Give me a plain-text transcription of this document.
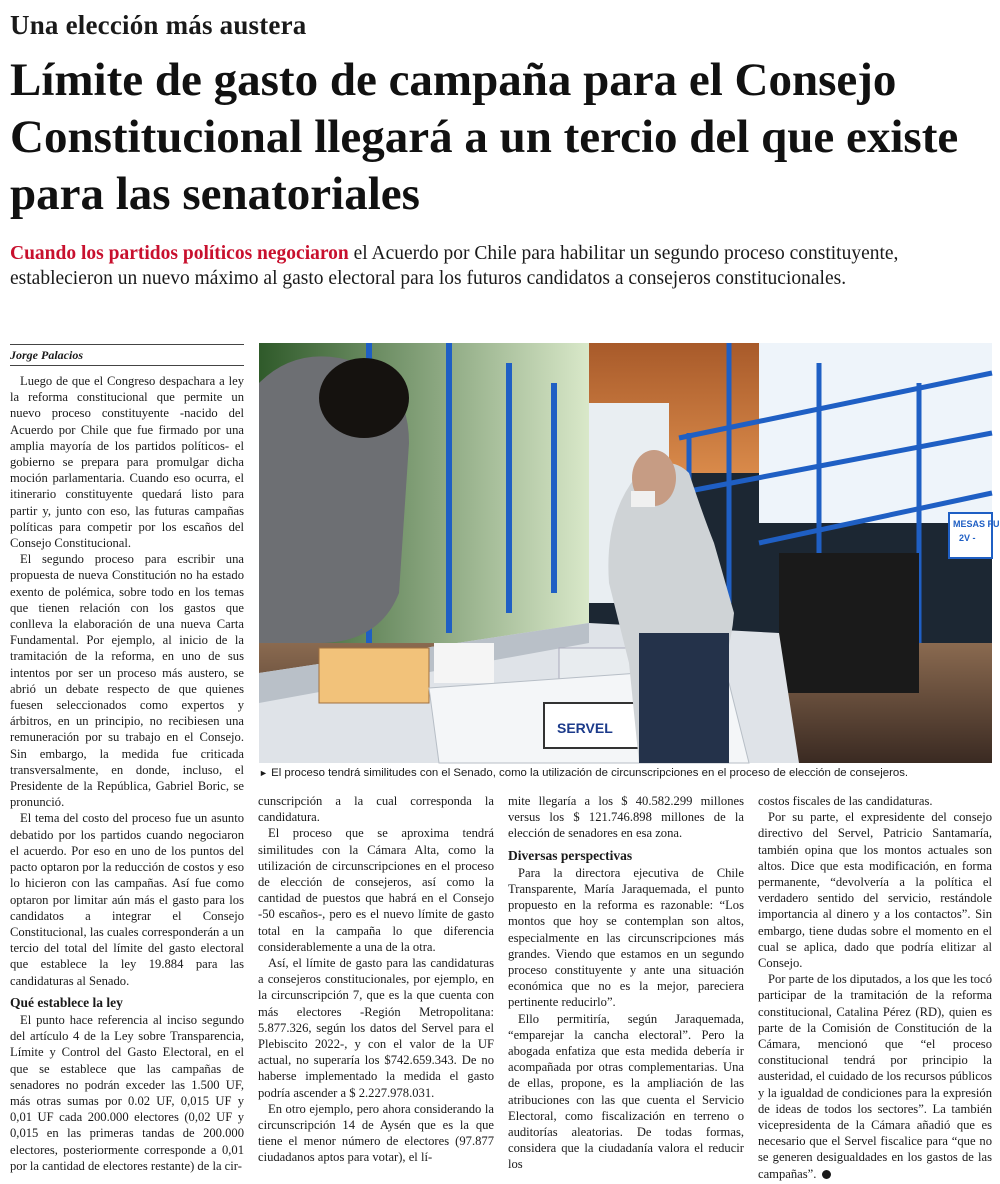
Una elección más austera
Límite de gasto de campaña para el Consejo Constitucional llegará a un tercio del que existe para las senatoriales
Cuando los partidos políticos negociaron el Acuerdo por Chile para habilitar un segundo proceso constituyente, establecieron un nuevo máximo al gasto electoral para los futuros candidatos a consejeros constitucionales.
Jorge Palacios

Luego de que el Congreso despachara a ley la reforma constitucional que permite un nuevo proceso constituyente -nacido del Acuerdo por Chile que fue firmado por una amplia mayoría de los partidos políticos- el gobierno se prepara para promulgar dicha moción parlamentaria. Cuando eso ocurra, el itinerario constituyente quedará listo para partir y, junto con eso, las futuras campañas políticas para competir por los escaños del Consejo Constitucional.

El segundo proceso para escribir una propuesta de nueva Constitución no ha estado exento de polémica, sobre todo en los temas que tienen relación con los gastos que conlleva la elaboración de una nueva Carta Fundamental. Por ejemplo, al inicio de la tramitación de la reforma, en uno de sus intentos por ser un proceso más austero, se abrió un debate respecto de que quienes fuesen seleccionados como expertos y árbitros, en un principio, no recibiesen una remuneración por su trabajo en el Consejo. Sin embargo, la medida fue criticada transversalmente, en donde, incluso, el Presidente de la República, Gabriel Boric, se pronunció.

El tema del costo del proceso fue un asunto debatido por los partidos cuando negociaron el acuerdo. Por eso en uno de los puntos del pacto optaron por la reducción de costos y eso lo hicieron con las campañas. Así fue como optaron por limitar aún más el gasto para los candidatos a integrar el Consejo Constitucional, las cuales corresponderán a un tercio del total del límite del gasto electoral que establece la ley 19.884 para las candidaturas al Senado.

Qué establece la ley

El punto hace referencia al inciso segundo del artículo 4 de la Ley sobre Transparencia, Límite y Control del Gasto Electoral, en el que se establece que las campañas de senadores no podrán exceder las 1.500 UF, más otras sumas por 0.02 UF, 0,015 UF y 0,01 UF cada 200.000 electores (0,02 UF y 0,015 en las primeras tandas de 200.000 electores, posteriormente corresponde a 0,01 por la cantidad de electores restante) de la cir-

MESAS FU
2V -
SERVEL
► El proceso tendrá similitudes con el Senado, como la utilización de circunscripciones en el proceso de elección de consejeros.

cunscripción a la cual corresponda la candidatura.

El proceso que se aproxima tendrá similitudes con la Cámara Alta, como la utilización de circunscripciones en el proceso de elección de consejeros, así como la cantidad de puestos que habrá en el Consejo -50 escaños-, pero es el nuevo límite de gasto total en la campaña lo que diferencia considerablemente a una de la otra.

Así, el límite de gasto para las candidaturas a consejeros constitucionales, por ejemplo, en la circunscripción 7, que es la que cuenta con más electores -Región Metropolitana: 5.877.326, según los datos del Servel para el Plebiscito 2022-, y con el valor de la UF actual, no superaría los $742.659.343. De no haberse implementado la medida el gasto podría ascender a $ 2.227.978.031.

En otro ejemplo, pero ahora considerando la circunscripción 14 de Aysén que es la que tiene el menor número de electores (97.877 ciudadanos aptos para votar), el lí-

mite llegaría a los $ 40.582.299 millones versus los $ 121.746.898 millones de la elección de senadores en esa zona.

Diversas perspectivas

Para la directora ejecutiva de Chile Transparente, María Jaraquemada, el punto propuesto en la reforma es razonable: “Los montos que hoy se contemplan son altos, especialmente en las circunscripciones más grandes. Viendo que estamos en un segundo proceso constituyente y ante una situación económica que no es la mejor, pareciera pertinente reducirlo”.

Ello permitiría, según Jaraquemada, “emparejar la cancha electoral”. Pero la abogada enfatiza que esta medida debería ir acompañada por otras complementarias. Una de ellas, propone, es la ampliación de las atribuciones con las que cuenta el Servicio Electoral, como fiscalización en terreno o auditorías aleatorias. De todas formas, considera que la ciudadanía valora el reducir los

costos fiscales de las candidaturas.

Por su parte, el expresidente del consejo directivo del Servel, Patricio Santamaría, también opina que los montos actuales son altos. Dice que esta modificación, en forma permanente, “devolvería a la política el verdadero sentido del servicio, restándole importancia al dinero y a los contactos”. Sin embargo, tiene dudas sobre el momento en el cual se aplica, dado que podría elitizar al Consejo.

Por parte de los diputados, a los que les tocó participar de la tramitación de la reforma constitucional, Catalina Pérez (RD), quien es parte de la Comisión de Constitución de la Cámara, mencionó que “el proceso constitucional tendrá por principio la austeridad, el cuidado de los recursos públicos y la igualdad de condiciones para la expresión de ideas de todos los sectores”. La también vicepresidenta de la Cámara añadió que es necesario que el Servel fiscalice para “que no se generen desigualdades en los gastos de las campañas”.
